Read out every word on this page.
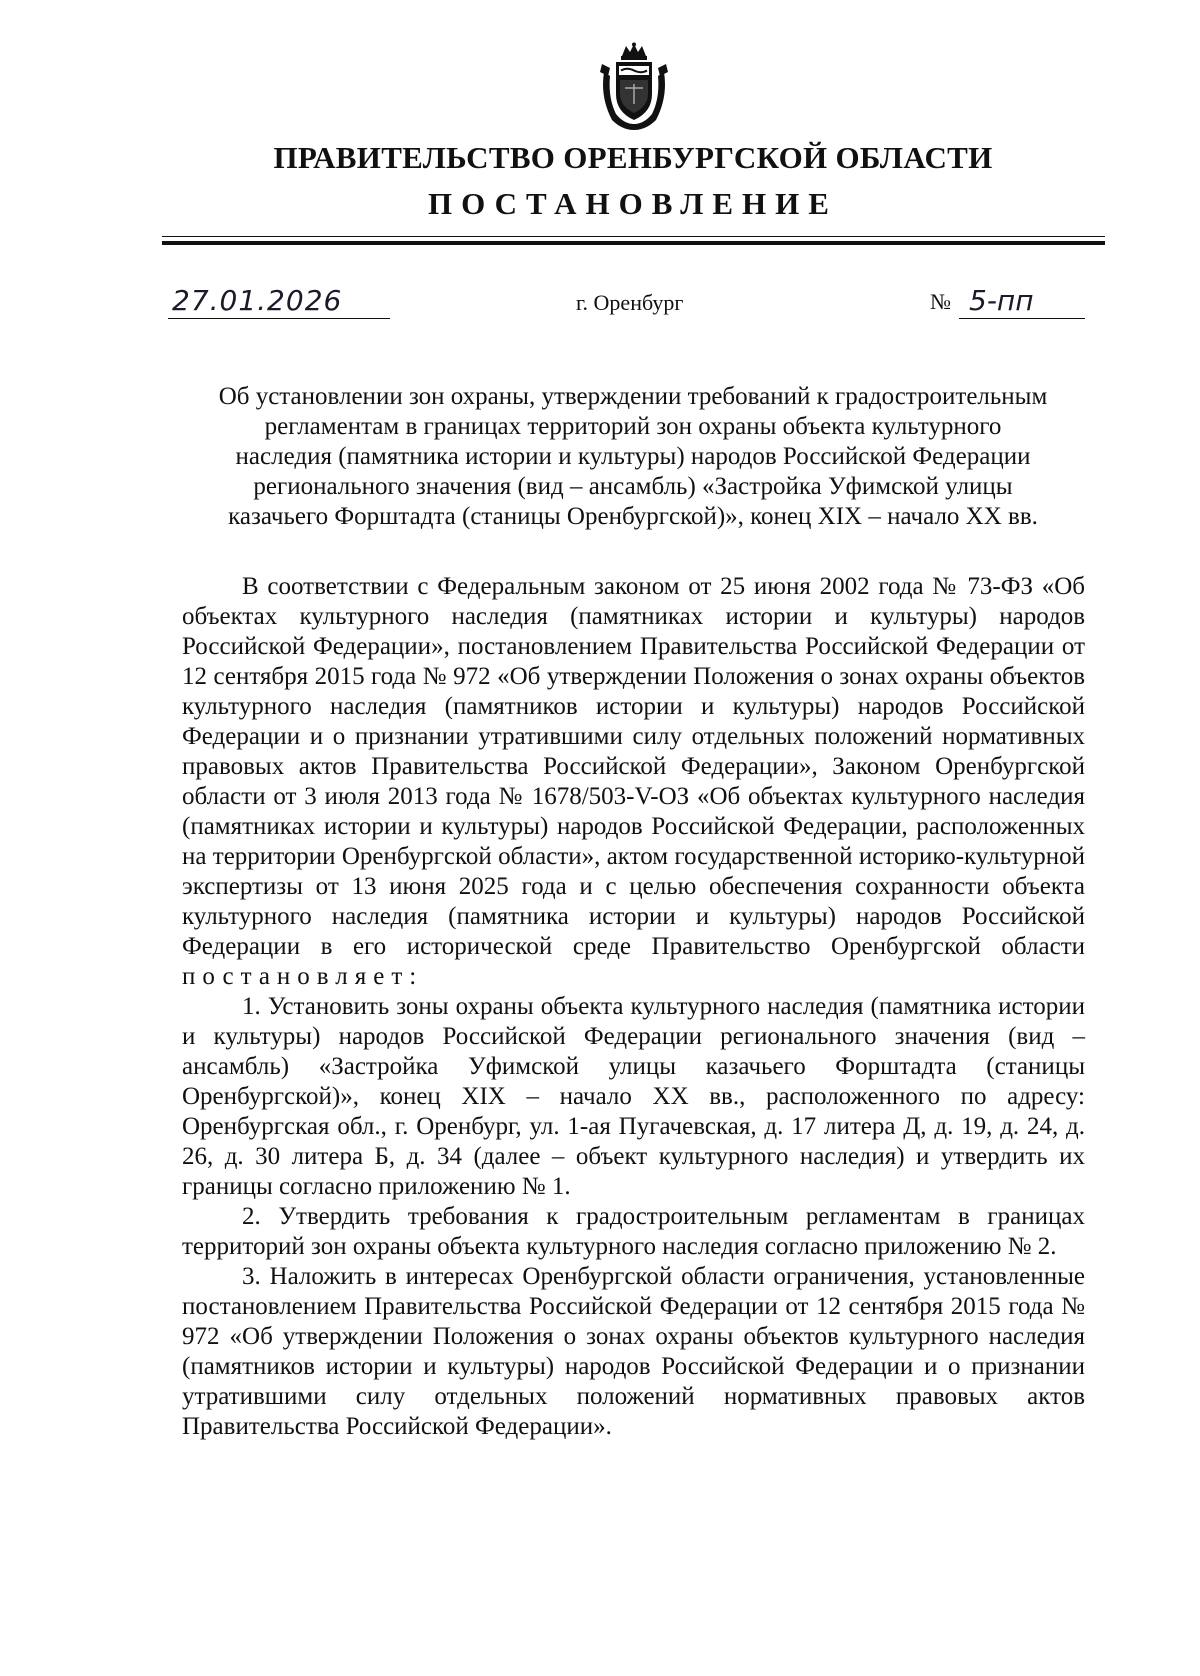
ПРАВИТЕЛЬСТВО ОРЕНБУРГСКОЙ ОБЛАСТИ
ПОСТАНОВЛЕНИЕ
27.01.2026	г. Оренбург	№ 5-пп
Об установлении зон охраны, утверждении требований к градостроительным
регламентам в границах территорий зон охраны объекта культурного
наследия (памятника истории и культуры) народов Российской Федерации
регионального значения (вид – ансамбль) «Застройка Уфимской улицы
казачьего Форштадта (станицы Оренбургской)», конец XIX – начало XX вв.

В соответствии с Федеральным законом от 25 июня 2002 года № 73-ФЗ «Об объектах культурного наследия (памятниках истории и культуры) народов Российской Федерации», постановлением Правительства Российской Федерации от 12 сентября 2015 года № 972 «Об утверждении Положения о зонах охраны объектов культурного наследия (памятников истории и культуры) народов Российской Федерации и о признании утратившими силу отдельных положений нормативных правовых актов Правительства Российской Федерации», Законом Оренбургской области от 3 июля 2013 года № 1678/503-V-ОЗ «Об объектах культурного наследия (памятниках истории и культуры) народов Российской Федерации, расположенных на территории Оренбургской области», актом государственной историко-культурной экспертизы от 13 июня 2025 года и с целью обеспечения сохранности объекта культурного наследия (памятника истории и культуры) народов Российской Федерации в его исторической среде Правительство Оренбургской области постановляет:

1. Установить зоны охраны объекта культурного наследия (памятника истории и культуры) народов Российской Федерации регионального значения (вид – ансамбль) «Застройка Уфимской улицы казачьего Форштадта (станицы Оренбургской)», конец XIX – начало XX вв., расположенного по адресу: Оренбургская обл., г. Оренбург, ул. 1-ая Пугачевская, д. 17 литера Д, д. 19, д. 24, д. 26, д. 30 литера Б, д. 34 (далее – объект культурного наследия) и утвердить их границы согласно приложению № 1.

2. Утвердить требования к градостроительным регламентам в границах территорий зон охраны объекта культурного наследия согласно приложению № 2.

3. Наложить в интересах Оренбургской области ограничения, установленные постановлением Правительства Российской Федерации от 12 сентября 2015 года № 972 «Об утверждении Положения о зонах охраны объектов культурного наследия (памятников истории и культуры) народов Российской Федерации и о признании утратившими силу отдельных положений нормативных правовых актов Правительства Российской Федерации».
